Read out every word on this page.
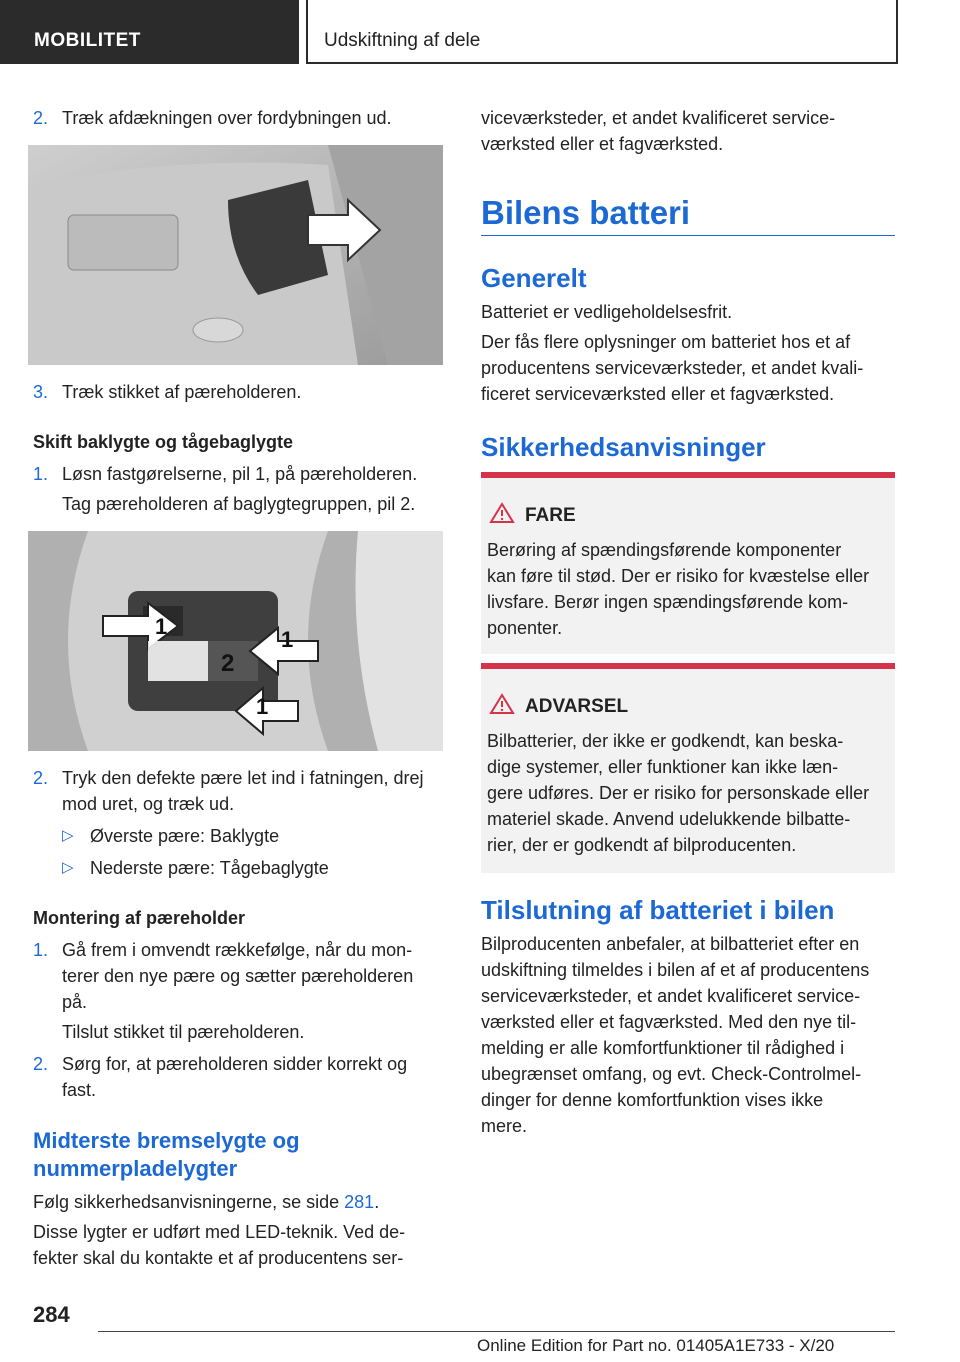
MOBILITET	Udskiftning af dele
2. Træk afdækningen over fordybningen ud.
3. Træk stikket af pæreholderen.
Skift baklygte og tågebaglygte
1. Løsn fastgørelserne, pil 1, på pæreholderen.
Tag pæreholderen af baglygtegruppen, pil 2.
1
1
2
1
2. Tryk den defekte pære let ind i fatningen, drej
mod uret, og træk ud.
▷ Øverste pære: Baklygte
▷ Nederste pære: Tågebaglygte
Montering af pæreholder
1. Gå frem i omvendt rækkefølge, når du mon-
terer den nye pære og sætter pæreholderen
på.
Tilslut stikket til pæreholderen.
2. Sørg for, at pæreholderen sidder korrekt og
fast.
Midterste bremselygte og
nummerpladelygter
Følg sikkerhedsanvisningerne, se side 281.
Disse lygter er udført med LED-teknik. Ved de-
fekter skal du kontakte et af producentens ser-
viceværksteder, et andet kvalificeret service-
værksted eller et fagværksted.
Bilens batteri
Generelt
Batteriet er vedligeholdelsesfrit.
Der fås flere oplysninger om batteriet hos et af
producentens serviceværksteder, et andet kvali-
ficeret serviceværksted eller et fagværksted.
Sikkerhedsanvisninger
FARE
Berøring af spændingsførende komponenter
kan føre til stød. Der er risiko for kvæstelse eller
livsfare. Berør ingen spændingsførende kom-
ponenter.
ADVARSEL
Bilbatterier, der ikke er godkendt, kan beska-
dige systemer, eller funktioner kan ikke læn-
gere udføres. Der er risiko for personskade eller
materiel skade. Anvend udelukkende bilbatte-
rier, der er godkendt af bilproducenten.
Tilslutning af batteriet i bilen
Bilproducenten anbefaler, at bilbatteriet efter en
udskiftning tilmeldes i bilen af et af producentens
serviceværksteder, et andet kvalificeret service-
værksted eller et fagværksted. Med den nye til-
melding er alle komfortfunktioner til rådighed i
ubegrænset omfang, og evt. Check-Controlmel-
dinger for denne komfortfunktion vises ikke
mere.
284
Online Edition for Part no. 01405A1E733 - X/20
